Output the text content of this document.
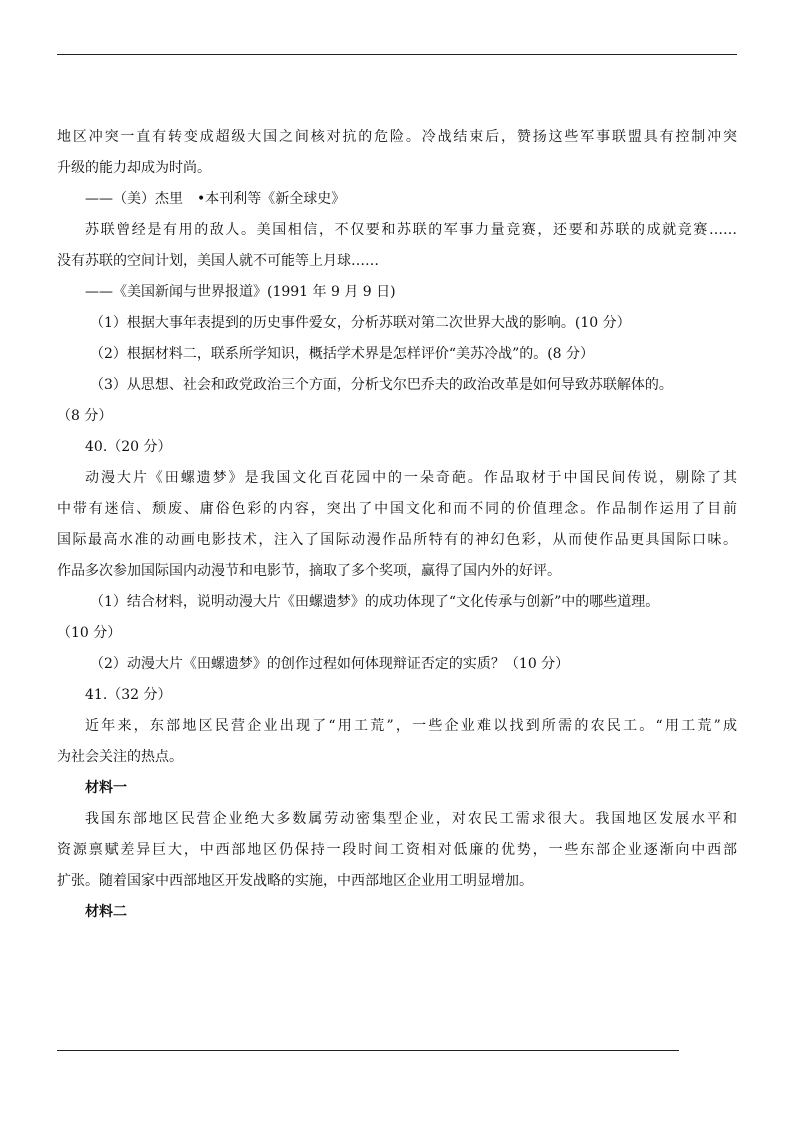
地区冲突一直有转变成超级大国之间核对抗的危险。冷战结束后，赞扬这些军事联盟具有控制冲突
升级的能力却成为时尚。
——（美）杰里　•本刊利等《新全球史》
苏联曾经是有用的敌人。美国相信，不仅要和苏联的军事力量竞赛，还要和苏联的成就竞赛……
没有苏联的空间计划，美国人就不可能等上月球……
——《美国新闻与世界报道》(1991 年 9 月 9 日)
（1）根据大事年表提到的历史事件爱女，分析苏联对第二次世界大战的影响。(10 分）
（2）根据材料二，联系所学知识，概括学术界是怎样评价“美苏冷战”的。(8 分）
（3）从思想、社会和政党政治三个方面，分析戈尔巴乔夫的政治改革是如何导致苏联解体的。
（8 分）
40.（20 分）
动漫大片《田螺遗梦》是我国文化百花园中的一朵奇葩。作品取材于中国民间传说，剔除了其
中带有迷信、颓废、庸俗色彩的内容，突出了中国文化和而不同的价值理念。作品制作运用了目前
国际最高水准的动画电影技术，注入了国际动漫作品所特有的神幻色彩，从而使作品更具国际口味。
作品多次参加国际国内动漫节和电影节，摘取了多个奖项，赢得了国内外的好评。
（1）结合材料，说明动漫大片《田螺遗梦》的成功体现了“文化传承与创新”中的哪些道理。
（10 分）
（2）动漫大片《田螺遗梦》的创作过程如何体现辩证否定的实质？（10 分）
41.（32 分）
近年来，东部地区民营企业出现了“用工荒”，一些企业难以找到所需的农民工。“用工荒”成
为社会关注的热点。
材料一
我国东部地区民营企业绝大多数属劳动密集型企业，对农民工需求很大。我国地区发展水平和
资源禀赋差异巨大，中西部地区仍保持一段时间工资相对低廉的优势，一些东部企业逐渐向中西部
扩张。随着国家中西部地区开发战略的实施，中西部地区企业用工明显增加。
材料二
